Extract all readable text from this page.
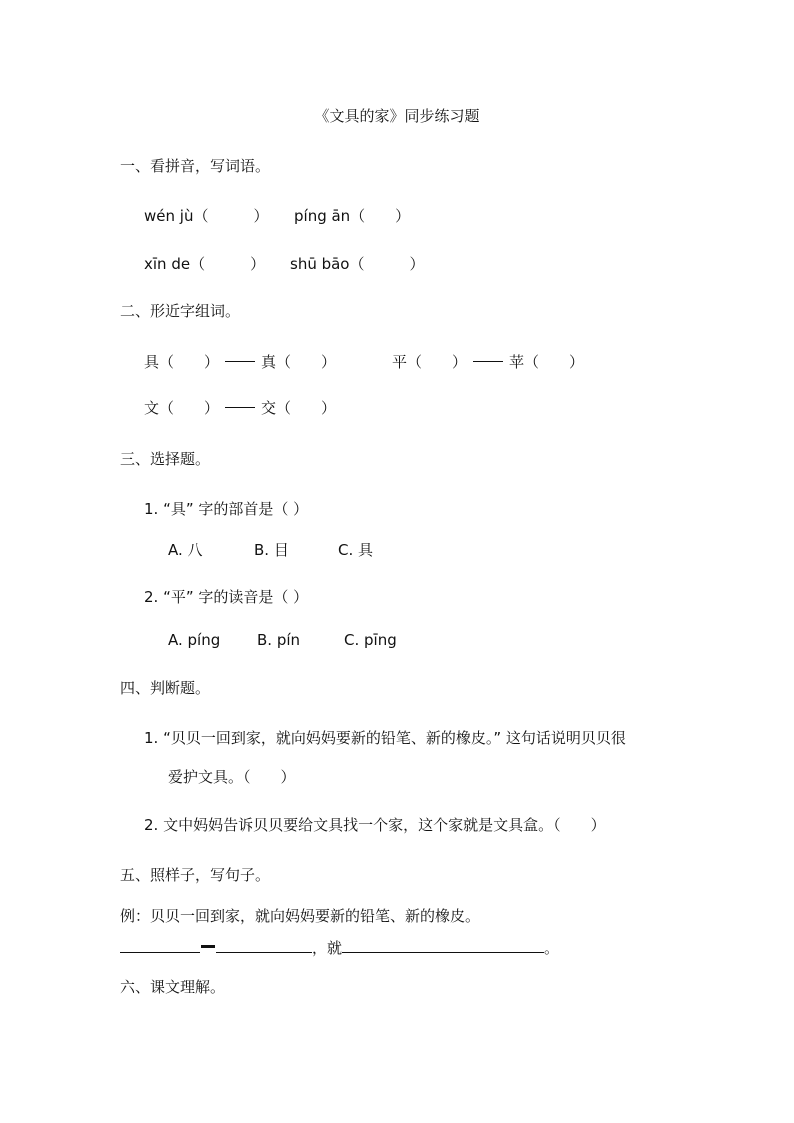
《文具的家》同步练习题
一、看拼音，写词语。
wén jù（　　　） píng ān（　　）
xīn de（　　　） shū bāo（　　　）
二、形近字组词。
具（　　）	真（　　）	平（　　）	苹（　　）
文（　　）	交（　　）
三、选择题。
1. “具” 字的部首是（ ）
A. 八	B. 目	C. 具
2. “平” 字的读音是（ ）
A. píng B. pín	C. pīng
四、判断题。
1. “贝贝一回到家，就向妈妈要新的铅笔、新的橡皮。” 这句话说明贝贝很
爱护文具。（　　）
2. 文中妈妈告诉贝贝要给文具找一个家，这个家就是文具盒。（　　）
五、照样子，写句子。
例：贝贝一回到家，就向妈妈要新的铅笔、新的橡皮。
，就	。
六、课文理解。
